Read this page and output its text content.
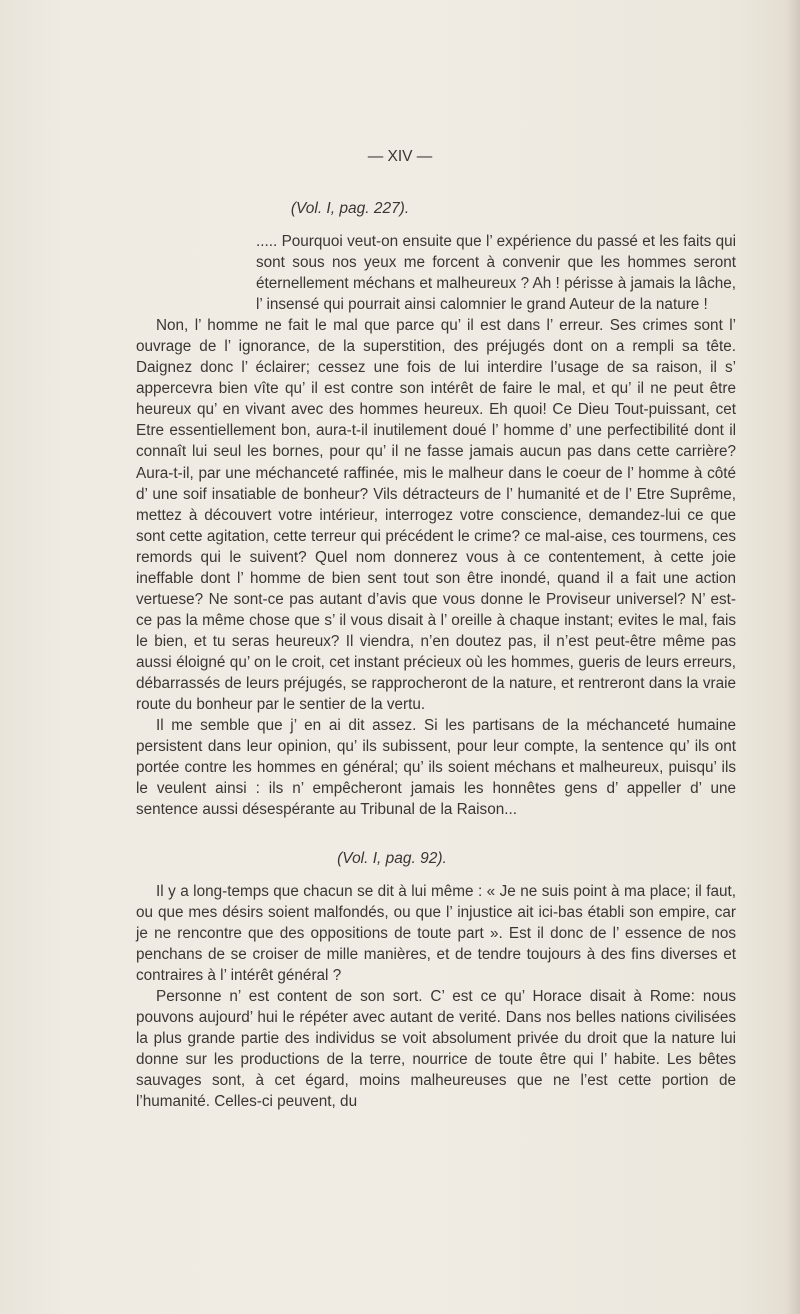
— XIV —
(Vol. I, pag. 227).

..... Pourquoi veut-on ensuite que l’ expérience du passé et les faits qui sont sous nos yeux me forcent à convenir que les hommes seront éternellement méchans et malheureux ? Ah ! périsse à jamais la lâche, l’ insensé qui pourrait ainsi calomnier le grand Auteur de la nature !

Non, l’ homme ne fait le mal que parce qu’ il est dans l’ erreur. Ses crimes sont l’ ouvrage de l’ ignorance, de la superstition, des préjugés dont on a rempli sa tête. Daignez donc l’ éclairer; cessez une fois de lui interdire l’usage de sa raison, il s’ appercevra bien vîte qu’ il est contre son intérêt de faire le mal, et qu’ il ne peut être heureux qu’ en vivant avec des hommes heureux. Eh quoi! Ce Dieu Tout-puissant, cet Etre essentiellement bon, aura-t-il inutilement doué l’ homme d’ une perfectibilité dont il connaît lui seul les bornes, pour qu’ il ne fasse jamais aucun pas dans cette carrière? Aura-t-il, par une méchanceté raffinée, mis le malheur dans le coeur de l’ homme à côté d’ une soif insatiable de bonheur? Vils détracteurs de l’ humanité et de l’ Etre Suprême, mettez à découvert votre intérieur, interrogez votre conscience, demandez-lui ce que sont cette agitation, cette terreur qui précédent le crime? ce mal-aise, ces tourmens, ces remords qui le suivent? Quel nom donnerez vous à ce contentement, à cette joie ineffable dont l’ homme de bien sent tout son être inondé, quand il a fait une action vertuese? Ne sont-ce pas autant d’avis que vous donne le Proviseur universel? N’ est-ce pas la même chose que s’ il vous disait à l’ oreille à chaque instant; evites le mal, fais le bien, et tu seras heureux? Il viendra, n’en doutez pas, il n’est peut-être même pas aussi éloigné qu’ on le croit, cet instant précieux où les hommes, gueris de leurs erreurs, débarrassés de leurs préjugés, se rapprocheront de la nature, et rentreront dans la vraie route du bonheur par le sentier de la vertu.

Il me semble que j’ en ai dit assez. Si les partisans de la méchanceté humaine persistent dans leur opinion, qu’ ils subissent, pour leur compte, la sentence qu’ ils ont portée contre les hommes en général; qu’ ils soient méchans et malheureux, puisqu’ ils le veulent ainsi : ils n’ empêcheront jamais les honnêtes gens d’ appeller d’ une sentence aussi désespérante au Tribunal de la Raison...

(Vol. I, pag. 92).

Il y a long-temps que chacun se dit à lui même : « Je ne suis point à ma place; il faut, ou que mes désirs soient malfondés, ou que l’ injustice ait ici-bas établi son empire, car je ne rencontre que des oppositions de toute part ». Est il donc de l’ essence de nos penchans de se croiser de mille manières, et de tendre toujours à des fins diverses et contraires à l’ intérêt général ?

Personne n’ est content de son sort. C’ est ce qu’ Horace disait à Rome: nous pouvons aujourd’ hui le répéter avec autant de verité. Dans nos belles nations civilisées la plus grande partie des individus se voit absolument privée du droit que la nature lui donne sur les productions de la terre, nourrice de toute être qui l’ habite. Les bêtes sauvages sont, à cet égard, moins malheureuses que ne l’est cette portion de l’humanité. Celles-ci peuvent, du
